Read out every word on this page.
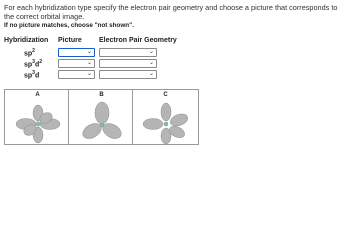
For each hybridization type specify the electron pair geometry and choose a picture that corresponds to the correct orbital image.
If no picture matches, choose "not shown".
Hybridization Picture Electron Pair Geometry
$sp^2$	⌄	⌄
$sp^3d^2$	⌄	⌄
$sp^3d$	⌄	⌄
A	B	C
